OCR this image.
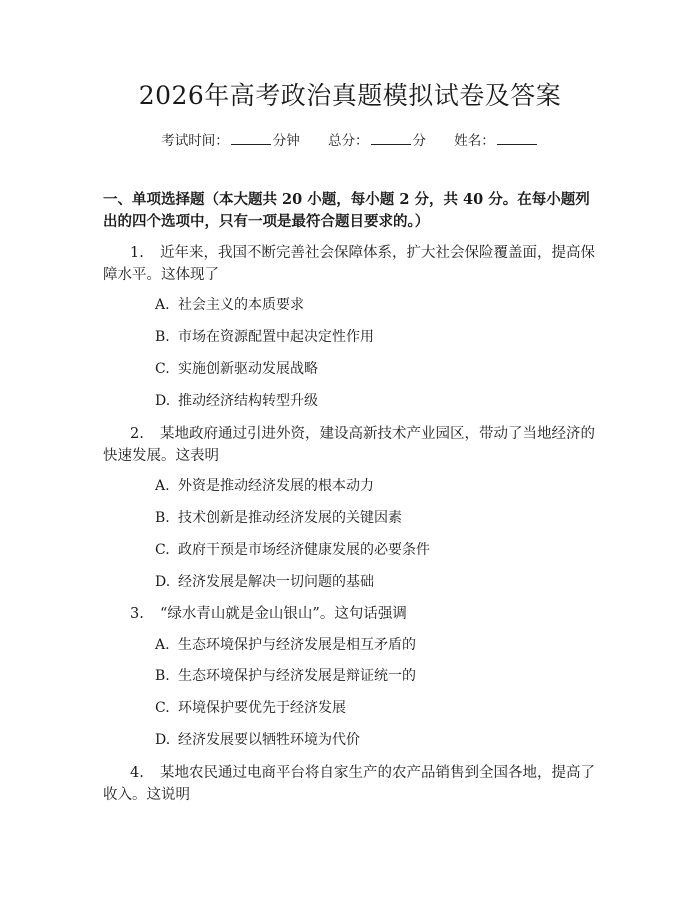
2026年高考政治真题模拟试卷及答案
考试时间：	分钟 总分：	分 姓名：
一、单项选择题（本大题共 20 小题，每小题 2 分，共 40 分。在每小题列出的四个选项中，只有一项是最符合题目要求的。）
1. 近年来，我国不断完善社会保障体系，扩大社会保险覆盖面，提高保障水平。这体现了
A. 社会主义的本质要求
B. 市场在资源配置中起决定性作用
C. 实施创新驱动发展战略
D. 推动经济结构转型升级
2. 某地政府通过引进外资，建设高新技术产业园区，带动了当地经济的快速发展。这表明
A. 外资是推动经济发展的根本动力
B. 技术创新是推动经济发展的关键因素
C. 政府干预是市场经济健康发展的必要条件
D. 经济发展是解决一切问题的基础
3. “绿水青山就是金山银山”。这句话强调
A. 生态环境保护与经济发展是相互矛盾的
B. 生态环境保护与经济发展是辩证统一的
C. 环境保护要优先于经济发展
D. 经济发展要以牺牲环境为代价
4. 某地农民通过电商平台将自家生产的农产品销售到全国各地，提高了收入。这说明
